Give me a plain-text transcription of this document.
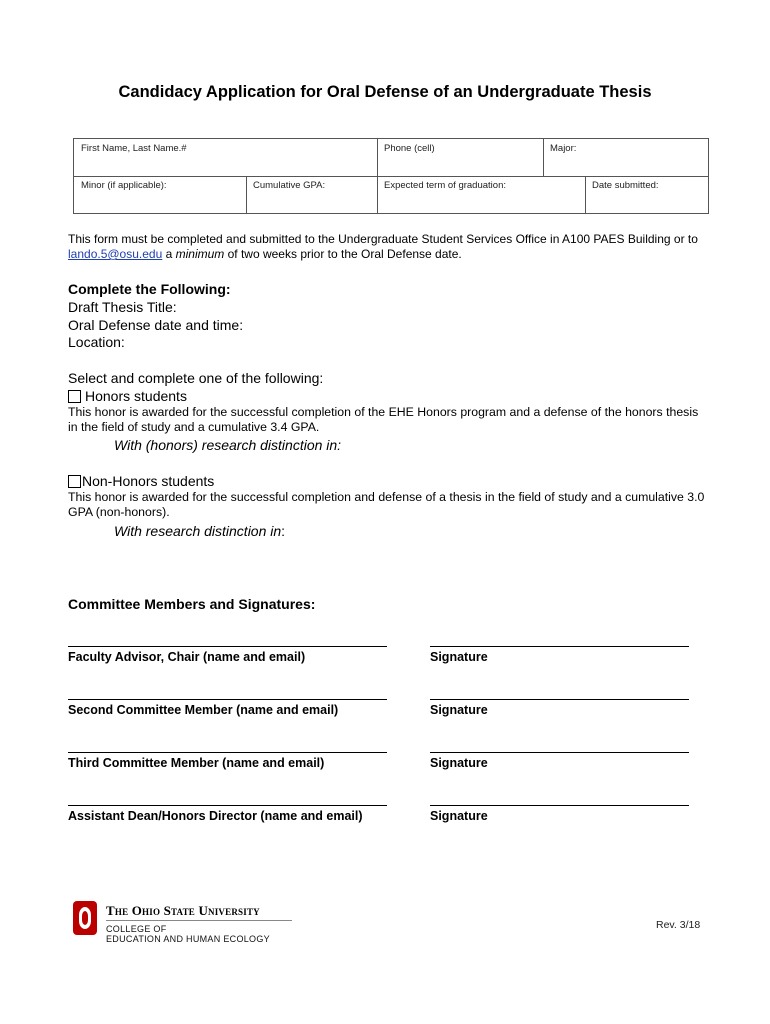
Candidacy Application for Oral Defense of an Undergraduate Thesis
First Name, Last Name.#	Phone (cell)	Major:
Minor (if applicable):	Cumulative GPA:	Expected term of graduation:	Date submitted:
This form must be completed and submitted to the Undergraduate Student Services Office in A100 PAES Building or to lando.5@osu.edu a minimum of two weeks prior to the Oral Defense date.
Complete the Following:
Draft Thesis Title:
Oral Defense date and time:
Location:
Select and complete one of the following:
Honors students
This honor is awarded for the successful completion of the EHE Honors program and a defense of the honors thesis in the field of study and a cumulative 3.4 GPA.
With (honors) research distinction in:
Non-Honors students
This honor is awarded for the successful completion and defense of a thesis in the field of study and a cumulative 3.0 GPA (non-honors).
With research distinction in:
Committee Members and Signatures:
Faculty Advisor, Chair (name and email)	Signature
Second Committee Member (name and email)	Signature
Third Committee Member (name and email)	Signature
Assistant Dean/Honors Director (name and email)	Signature
The Ohio State University
COLLEGE OF
EDUCATION AND HUMAN ECOLOGY
Rev. 3/18
